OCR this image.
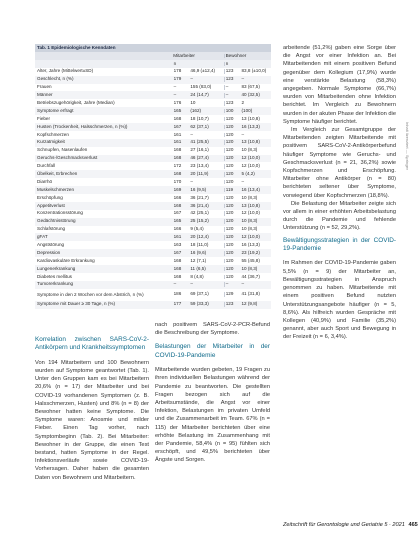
Tab. 1 Epidemiologische Kenndaten
Mitarbeiter	Bewohner
n	n
Alter, Jahre (Mittelwert±SD)	178	46,9 (±12,4)	123	83,8 (±10,0)
Geschlecht, n (%)	179	–	123	–
Frauen	–	155 (83,0)	–	83 (67,5)
Männer	–	24 (14,7)	–	40 (32,5)
Betriebszugehörigkeit, Jahre (Median)	176	10	123	2
Symptome erfragt	165	(162)	100	(100)
Fieber	168	18 (10,7)	120	13 (10,8)
Husten (Trockenheit, Halsschmerzen, n (%))	167	62 (37,1)	120	16 (13,3)
Kopfschmerzen	161	–	120	–
Kurzatmigkeit	161	41 (25,5)	120	13 (10,8)
Schnupfen, Nasenlaufen	168	27 (16,1)	120	10 (8,3)
Geruchs-/Geschmacksverlust	168	46 (27,4)	120	12 (10,0)
Durchfall	172	23 (13,4)	120	12 (10,0)
Übelkeit, Erbrechen	168	20 (11,9)	120	5 (4,2)
Diarrhö	170	–	120	–
Muskelschmerzen	169	16 (9,5)	119	16 (13,4)
Erschöpfung	166	36 (21,7)	120	10 (8,3)
Appetitverlust	168	36 (21,4)	120	13 (10,8)
Konzentrationsstörung	167	42 (25,1)	120	12 (10,0)
Gedächtnisstörung	165	25 (15,2)	120	10 (8,3)
Schlafstörung	166	9 (5,4)	120	10 (8,3)
gFAT	161	20 (12,4)	120	12 (10,0)
Angststörung	163	18 (11,0)	120	16 (13,3)
Depression	167	16 (9,6)	120	23 (19,2)
Kardiovaskuläre Erkrankung	168	12 (7,1)	120	55 (45,8)
Lungenerkrankung	168	11 (6,5)	120	10 (8,3)
Diabetes mellitus	168	8 (4,8)	120	44 (36,7)
Tumorerkrankung	–	–	–	–
Symptome in den 2 Wochen vor dem Abstrich, n (%)	186	69 (37,1)	129	41 (31,8)
Symptome mit Dauer ≥ 30 Tage, n (%)	177	59 (33,3)	123	12 (9,8)

Korrelation zwischen SARS-CoV-2-Antikörpern und Krankheitssymptomen

Von 194 Mitarbeitern und 100 Bewohnern wurden auf Symptome geantwortet (Tab. 1). Unter den Gruppen kam es bei Mitarbeitern 20,6% (n = 17) der Mitarbeiter und bei COVID-19 vorhandenen Symptomen (z. B. Halsschmerzen, Husten) und 8% (n = 8) der Bewohner hatten keine Symptome. Die Symptome waren: Anosmie und milder Fieber. Einen Tag vorher, nach Symptombeginn (Tab. 2). Bei Mitarbeiter: Bewohner in der Gruppe, die einen Test bestand, hatten Symptome in der Regel. Infektionsverläufe sowie COVID-19-Vorhersagen. Daher haben die gesamten Daten von Bewohnern und Mitarbeitern.

nach positivem SARS-CoV-2-PCR-Befund die Beschreibung der Symptome.

Belastungen der Mitarbeiter in der COVID-19-Pandemie

Mitarbeitende wurden gebeten, 19 Fragen zu ihren individuellen Belastungen während der Pandemie zu beantworten. Die gestellten Fragen bezogen sich auf die Arbeitsumstände, die Angst vor einer Infektion, Belastungen im privaten Umfeld und die Zusammenarbeit im Team. 67% (n = 115) der Mitarbeiter berichteten über eine erhöhte Belastung im Zusammenhang mit der Pandemie, 58,4% (n = 95) fühlten sich erschöpft, und 49,5% berichteten über Ängste und Sorgen.

arbeitende (51,2%) gaben eine Sorge über die Angst vor einer Infektion an. Bei Mitarbeitenden mit einem positiven Befund gegenüber dem Kollegium (17,9%) wurde eine verstärkte Belastung (58,3%) angegeben. Normale Symptome (66,7%) wurden von Mitarbeitenden ohne Infektion berichtet. Im Vergleich zu Bewohnern wurden in der akuten Phase der Infektion die Symptome häufiger berichtet.

Im Vergleich zur Gesamtgruppe der Mitarbeitenden zeigten Mitarbeitende mit positivem SARS-CoV-2-Antikörperbefund häufiger Symptome wie Geruchs- und Geschmacksverlust (n = 21, 36,2%) sowie Kopfschmerzen und Erschöpfung. Mitarbeiter ohne Antikörper (n = 80) berichteten seltener über Symptome, vorwiegend über Kopfschmerzen (18,8%).

Die Belastung der Mitarbeiter zeigte sich vor allem in einer erhöhten Arbeitsbelastung durch die Pandemie und fehlende Unterstützung (n = 52, 29,2%).

Bewältigungsstrategien in der COVID-19-Pandemie

Im Rahmen der COVID-19-Pandemie gaben 5,5% (n = 9) der Mitarbeiter an, Bewältigungsstrategien in Anspruch genommen zu haben. Mitarbeitende mit einem positiven Befund nutzten Unterstützungsangebote häufiger (n = 5, 8,6%). Als hilfreich wurden Gespräche mit Kollegen (40,9%) und Familie (35,2%) genannt, aber auch Sport und Bewegung in der Freizeit (n = 6, 3,4%).

Zeitschrift für Gerontologie und Geriatrie 5 · 2021 465
Inhalt lizenziert — Springer
